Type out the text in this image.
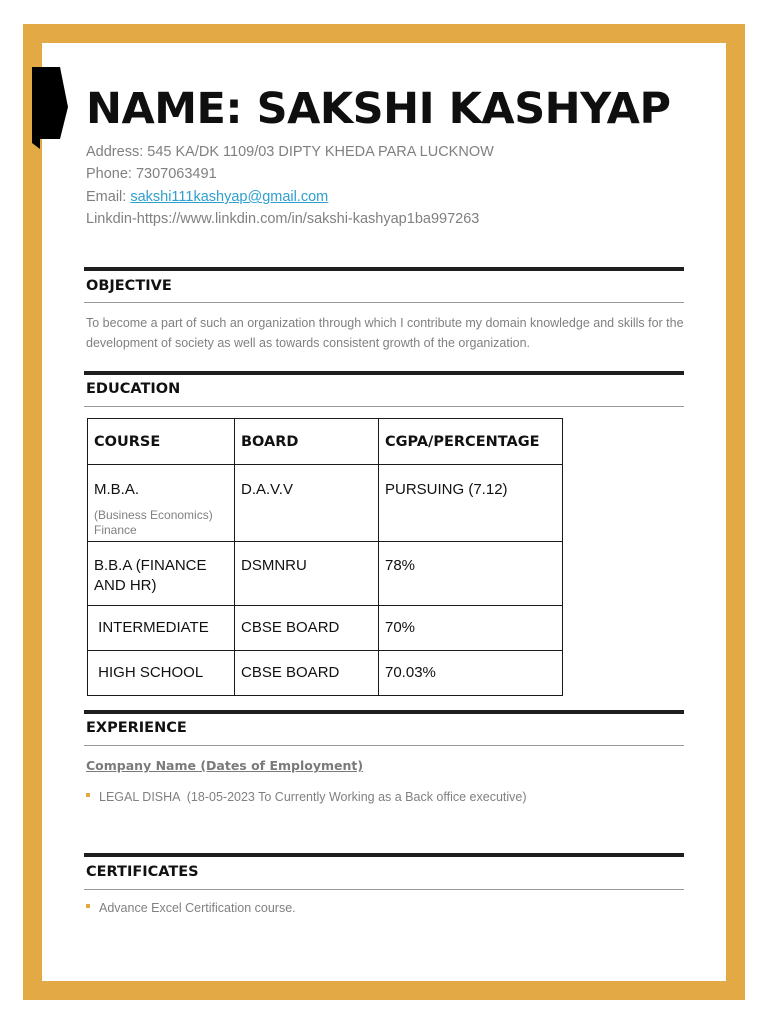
NAME: SAKSHI KASHYAP
Address: 545 KA/DK 1109/03 DIPTY KHEDA PARA LUCKNOW
Phone: 7307063491
Email: sakshi111kashyap@gmail.com
Linkdin-https://www.linkdin.com/in/sakshi-kashyap1ba997263
OBJECTIVE
To become a part of such an organization through which I contribute my domain knowledge and skills for the development of society as well as towards consistent growth of the organization.
EDUCATION
COURSE	BOARD	CGPA/PERCENTAGE

M.B.A.
(Business Economics) Finance	D.A.V.V	PURSUING (7.12)
B.B.A (FINANCE AND HR)	DSMNRU	78%
INTERMEDIATE	CBSE BOARD	70%
HIGH SCHOOL	CBSE BOARD	70.03%
EXPERIENCE
Company Name (Dates of Employment)
LEGAL DISHA  (18-05-2023 To Currently Working as a Back office executive)
CERTIFICATES
Advance Excel Certification course.
